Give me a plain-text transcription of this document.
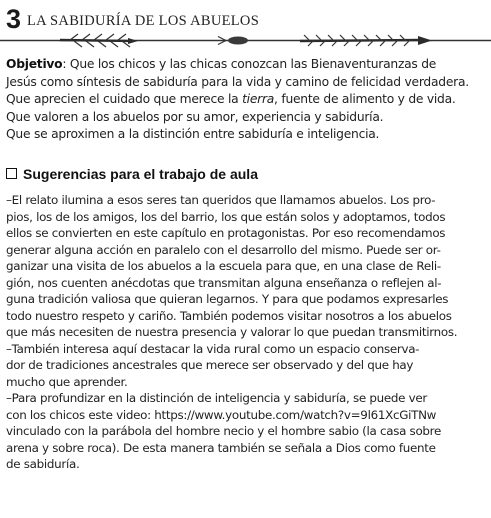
3 LA SABIDURÍA DE LOS ABUELOS

Objetivo: Que los chicos y las chicas conozcan las Bienaventuranzas de

Jesús como síntesis de sabiduría para la vida y camino de felicidad verdadera.

Que aprecien el cuidado que merece la tierra, fuente de alimento y de vida.

Que valoren a los abuelos por su amor, experiencia y sabiduría.

Que se aproximen a la distinción entre sabiduría e inteligencia.

Sugerencias para el trabajo de aula

–El relato ilumina a esos seres tan queridos que llamamos abuelos. Los pro-

pios, los de los amigos, los del barrio, los que están solos y adoptamos, todos

ellos se convierten en este capítulo en protagonistas. Por eso recomendamos

generar alguna acción en paralelo con el desarrollo del mismo. Puede ser or-

ganizar una visita de los abuelos a la escuela para que, en una clase de Reli-

gión, nos cuenten anécdotas que transmitan alguna enseñanza o reflejen al-

guna tradición valiosa que quieran legarnos. Y para que podamos expresarles

todo nuestro respeto y cariño. También podemos visitar nosotros a los abuelos

que más necesiten de nuestra presencia y valorar lo que puedan transmitirnos.

–También interesa aquí destacar la vida rural como un espacio conserva-

dor de tradiciones ancestrales que merece ser observado y del que hay

mucho que aprender.

–Para profundizar en la distinción de inteligencia y sabiduría, se puede ver

con los chicos este video: https://www.youtube.com/watch?v=9l61XcGiTNw

vinculado con la parábola del hombre necio y el hombre sabio (la casa sobre

arena y sobre roca). De esta manera también se señala a Dios como fuente

de sabiduría.
